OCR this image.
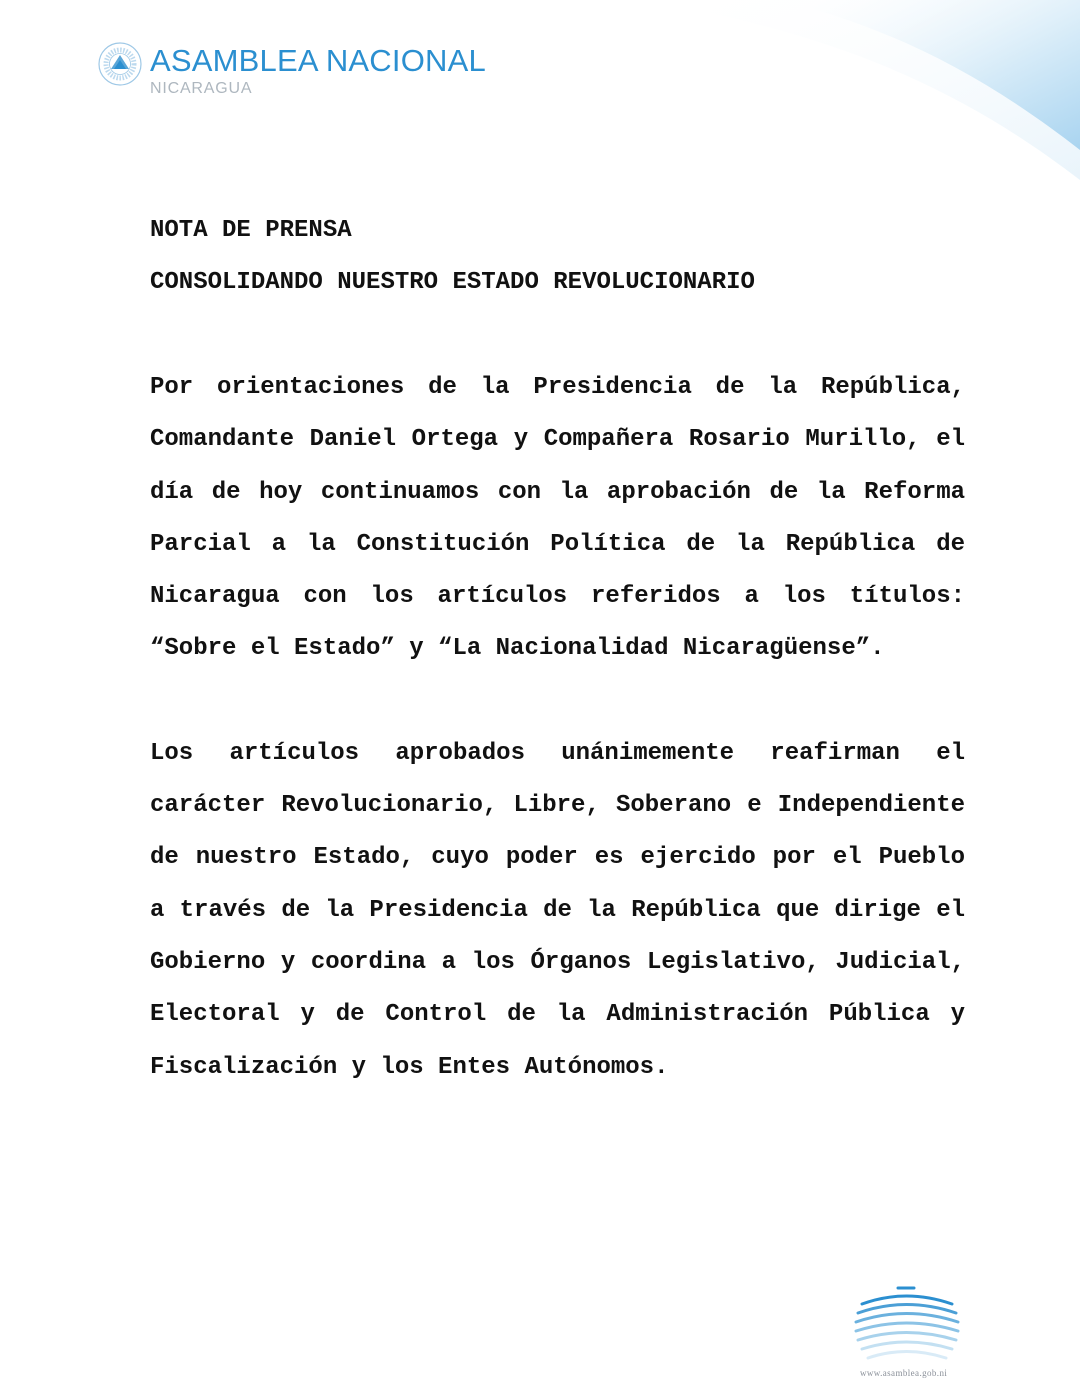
ASAMBLEA NACIONAL
NICARAGUA

NOTA DE PRENSA

CONSOLIDANDO NUESTRO ESTADO REVOLUCIONARIO

Por orientaciones de la Presidencia de la República, Comandante Daniel Ortega y Compañera Rosario Murillo, el día de hoy continuamos con la aprobación de la Reforma Parcial a la Constitución Política de la República de Nicaragua con los artículos referidos a los títulos: “Sobre el Estado” y “La Nacionalidad Nicaragüense”.

Los artículos aprobados unánimemente reafirman el carácter Revolucionario, Libre, Soberano e Independiente de nuestro Estado, cuyo poder es ejercido por el Pueblo a través de la Presidencia de la República que dirige el Gobierno y coordina a los Órganos Legislativo, Judicial, Electoral y de Control de la Administración Pública y Fiscalización y los Entes Autónomos.

www.asamblea.gob.ni
